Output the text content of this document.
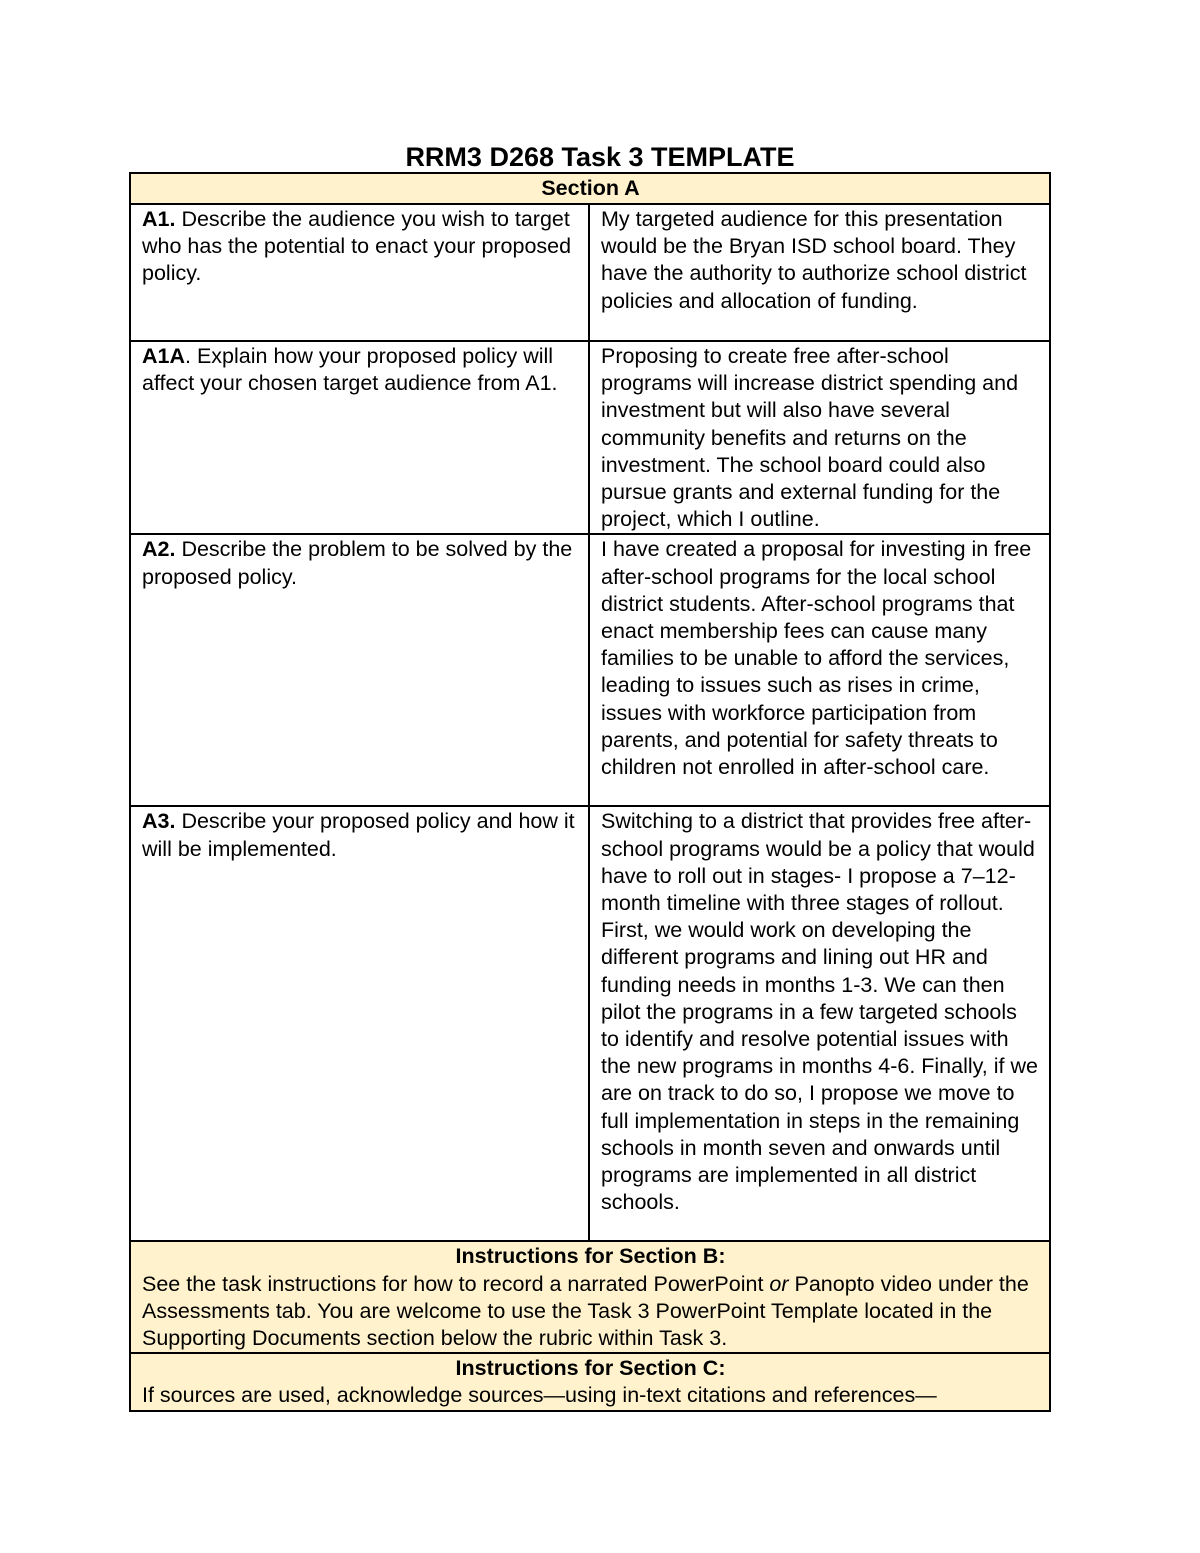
RRM3 D268 Task 3 TEMPLATE
Section A	
A1. Describe the audience you wish to target who has the potential to enact your proposed policy.	My targeted audience for this presentation would be the Bryan ISD school board. They have the authority to authorize school district policies and allocation of funding.
A1A. Explain how your proposed policy will affect your chosen target audience from A1.	Proposing to create free after-school programs will increase district spending and investment but will also have several community benefits and returns on the investment. The school board could also pursue grants and external funding for the project, which I outline.
A2. Describe the problem to be solved by the proposed policy.	I have created a proposal for investing in free after-school programs for the local school district students. After-school programs that enact membership fees can cause many families to be unable to afford the services, leading to issues such as rises in crime, issues with workforce participation from parents, and potential for safety threats to children not enrolled in after-school care.
A3. Describe your proposed policy and how it will be implemented.	Switching to a district that provides free after-school programs would be a policy that would have to roll out in stages- I propose a 7–12-month timeline with three stages of rollout. First, we would work on developing the different programs and lining out HR and funding needs in months 1-3. We can then pilot the programs in a few targeted schools to identify and resolve potential issues with the new programs in months 4-6. Finally, if we are on track to do so, I propose we move to full implementation in steps in the remaining schools in month seven and onwards until programs are implemented in all district schools.

Instructions for Section B:
See the task instructions for how to record a narrated PowerPoint or Panopto video under the Assessments tab. You are welcome to use the Task 3 PowerPoint Template located in the Supporting Documents section below the rubric within Task 3.	

Instructions for Section C:
If sources are used, acknowledge sources—using in-text citations and references—	
